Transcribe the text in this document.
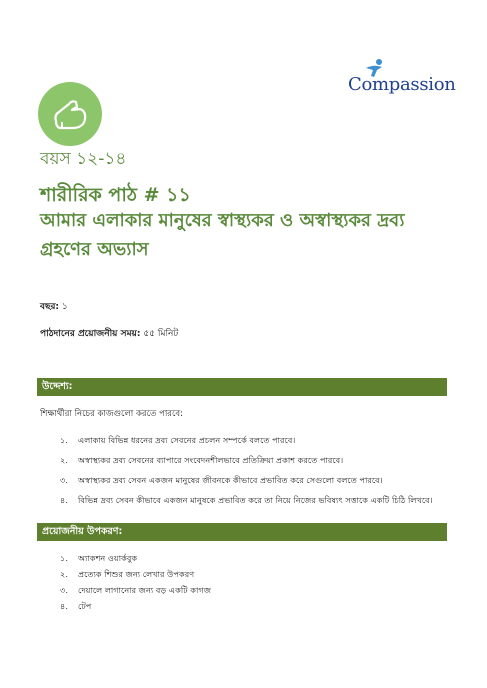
Compassion
বয়স ১২-১৪
শারীরিক পাঠ # ১১
আমার এলাকার মানুষের স্বাস্থ্যকর ও অস্বাস্থ্যকর দ্রব্য গ্রহণের অভ্যাস
বছর: ১
পাঠদানের প্রয়োজনীয় সময়: ৫৫ মিনিট
উদ্দেশ্য:
শিক্ষার্থীরা নিচের কাজগুলো করতে পারবে:
১. এলাকায় বিভিন্ন ধরনের দ্রব্য সেবনের প্রচলন সম্পর্কে বলতে পারবে।
২. অস্বাস্থ্যকর দ্রব্য সেবনের ব্যাপারে সংবেদনশীলভাবে প্রতিক্রিয়া প্রকাশ করতে পারবে।
৩. অস্বাস্থ্যকর দ্রব্য সেবন একজন মানুষের জীবনকে কীভাবে প্রভাবিত করে সেগুলো বলতে পারবে।
৪. বিভিন্ন দ্রব্য সেবন কীভাবে একজন মানুষকে প্রভাবিত করে তা নিয়ে নিজের ভবিষ্যৎ সত্তাকে একটি চিঠি লিখবে।
প্রয়োজনীয় উপকরণ:
১. অ্যাকশন ওয়ার্কবুক
২. প্রত্যেক শিশুর জন্য লেখার উপকরণ
৩. দেয়ালে লাগানোর জন্য বড় একটি কাগজ
৪. টেপ
